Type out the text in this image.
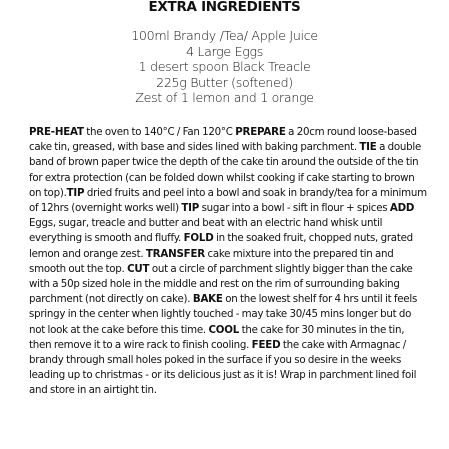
EXTRA INGREDIENTS
100ml Brandy /Tea/ Apple Juice
4 Large Eggs
1 desert spoon Black Treacle
225g Butter (softened)
Zest of 1 lemon and 1 orange
PRE-HEAT the oven to 140°C / Fan 120°C PREPARE a 20cm round loose-based cake tin, greased, with base and sides lined with baking parchment. TIE a double band of brown paper twice the depth of the cake tin around the outside of the tin for extra protection (can be folded down whilst cooking if cake starting to brown on top).TIP dried fruits and peel into a bowl and soak in brandy/tea for a minimum of 12hrs (overnight works well) TIP sugar into a bowl - sift in flour + spices ADD Eggs, sugar, treacle and butter and beat with an electric hand whisk until everything is smooth and fluffy. FOLD in the soaked fruit, chopped nuts, grated lemon and orange zest. TRANSFER cake mixture into the prepared tin and smooth out the top. CUT out a circle of parchment slightly bigger than the cake with a 50p sized hole in the middle and rest on the rim of surrounding baking parchment (not directly on cake). BAKE on the lowest shelf for 4 hrs until it feels springy in the center when lightly touched - may take 30/45 mins longer but do not look at the cake before this time. COOL the cake for 30 minutes in the tin, then remove it to a wire rack to finish cooling. FEED the cake with Armagnac / brandy through small holes poked in the surface if you so desire in the weeks leading up to christmas - or its delicious just as it is! Wrap in parchment lined foil and store in an airtight tin.
